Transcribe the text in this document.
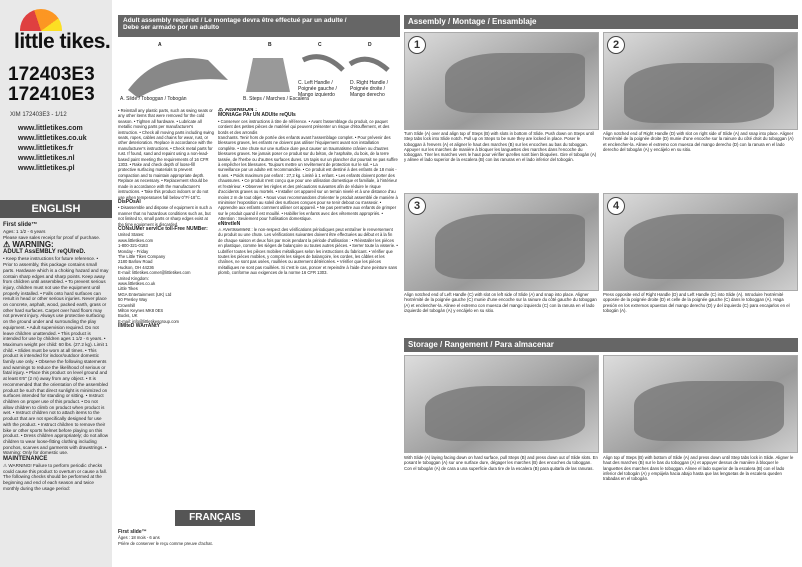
little tikes.
172403E3
172410E3
XIM 172403E3 - 1/12
www.littletikes.com
www.littletikes.co.uk
www.littletikes.fr
www.littletikes.nl
www.littletikes.pl
ENGLISH
First slide™
Ages: 1 1/2 - 6 years
Please save sales receipt for proof of purchase.
⚠ WARNING:
ADULT AssEMBLY reQUIreD.
• Keep these instructions for future reference. • Prior to assembly, this package contains small parts. Hardware which is a choking hazard and may contain sharp edges and sharp points. Keep away from children until assembled. • To prevent serious injury, children must not use the equipment until properly installed. • Falls onto hard surfaces can result in head or other serious injuries. Never place on concrete, asphalt, wood, packed earth, grass or other hard surfaces. Carpet over hard floors may not prevent injury. Always use protective surfacing on the ground under and surrounding the play equipment. • Adult supervision required. Do not leave children unattended. • This product is intended for use by children ages 1 1/2 - 6 years. • Maximum weight per child: 60 lbs. (27.2 kg). Limit 1 child. • Slides must be worn at all times. • This product is intended for indoor/outdoor domestic family use only. • Observe the following statements and warnings to reduce the likelihood of serious or fatal injury. • Place this product on level ground and at least 6'6" (2 m) away from any object. • It is recommended that the orientation of the assembled product be such that direct sunlight is minimized on surfaces intended for standing or sitting. • Instruct children on proper use of this product. • Do not allow children to climb on product when product is wet. • Instruct children not to attach items to the product that are not specifically designed for use with the product. • Instruct children to remove their bike or other sports helmet before playing on this product. • Dress children appropriately; do not allow children to wear loose-fitting clothing including ponchos, scarves and garments with drawstrings. • Warning: Only for domestic use.
MAINTENANCE
⚠ WARNING! Failure to perform periodic checks could cause this product to overturn or cause a fall. The following checks should be performed at the beginning and end of each season and twice monthly during the usage period:
Adult assembly required / Le montage devra être effectué par un adulte /
Debe ser armado por un adulto
A	B	C	D
A. Slide / Toboggan / Tobogán	B. Steps / Marches / Escalera
C. Left Handle / Poignée gauche / Mango izquierdo
D. Right Handle / Poignée droite / Mango derecho
• Reinstall any plastic parts, such as swing seats or any other items that were removed for the cold season. • Tighten all hardware. • Lubricate all metallic moving parts per manufacturer's instruction. • Check all moving parts including swing seats, ropes, cables and chains for wear, rust, or other deterioration. Replace in accordance with the manufacturer's instructions. • Check metal parts for rust. If found, sand and repaint using a non-lead-based paint meeting the requirements of 16 CFR 1303. • Rake and check depth of loose-fill protective surfacing materials to prevent compaction and to maintain appropriate depth. Replace as necessary. • Replacement should be made in accordance with the manufacturer's instructions. • Take this product indoors or do not use when temperatures fall below 0°F/-18°C.
DisPOsAl
• Disassemble and dispose of equipment in such a manner that no hazardous conditions such as, but not limited to, small parts or sharp edges exist at the time equipment is discarded.
CONsUMer servICe toll-Free NUMBer:
United States:
www.littletikes.com
1-800-321-0183
Monday - Friday
The Little Tikes Company
2180 Barlow Road
Hudson, OH 44236
E-mail: littletikes.comer@littletikes.com
United Kingdom:
www.littletikes.co.uk
Little Tikes
MGA Entertainment (UK) Ltd
50 Presley Way
Crownhill
Milton Keynes MK8 0ES
Bucks, UK
E-mail: info@littletikesgroup.com
lIMIteD WArrANtY
FRANÇAIS
First slide™
Âges : 18 mois - 6 ans
Prière de conserver le reçu comme preuve d'achat.
⚠ AtteNtION :
MONtAGe PAr UN ADUlte reQUIs
• Conserver ces instructions à titre de référence. • Avant l'assemblage du produit, ce paquet contient des petites pièces de matériel qui peuvent présenter un risque d'étouffement, et des bords et des arrondis
tranchants. Tenir hors de portée des enfants avant l'assemblage complet. • Pour prévenir des blessures graves, les enfants ne doivent pas utiliser l'équipement avant son installation complète. • Une chute sur une surface dure peut causer un traumatisme crânien ou d'autres blessures graves. Ne jamais poser ce produit sur du béton, de l'asphalte, du bois, de la terre tassée, de l'herbe ou d'autres surfaces dures. Un tapis sur un plancher dur pourrait ne pas suffire à empêcher les blessures. Toujours mettre un revêtement de protection sur le sol. • La surveillance par un adulte est recommandée. • Ce produit est destiné à des enfants de 18 mois - 6 ans. • Poids maximum par enfant : 27,2 kg. Limité à 1 enfant. • Les enfants doivent porter des chaussures. • Ce produit n'est conçu que pour une utilisation domestique et familiale, à l'intérieur et l'extérieur. • Observer les règles et des précautions suivantes afin de réduire le risque d'accidents graves ou mortels. • Installer cet appareil sur un terrain nivelé et à une distance d'au moins 2 m de tout objet. • Nous vous recommandons d'orienter le produit assemblé de manière à minimiser l'exposition au soleil des surfaces conçues pour se tenir debout ou s'asseoir. • Apprendre aux enfants comment utiliser cet appareil. • Ne pas permettre aux enfants de grimper sur le produit quand il est mouillé. • Habiller les enfants avec des vêtements appropriés. • Attention : Seulement pour l'utilisation domestique.
eNtretIeN
⚠ AVertIsseMeNt : le non-respect des vérifications périodiques peut entraîner le renversement du produit ou une chute. Les vérifications suivantes doivent être effectuées au début et à la fin de chaque saison et deux fois par mois pendant la période d'utilisation : • Réinstaller les pièces en plastique, comme les sièges de balançoire ou toutes autres pièces. • Serrer toute la visserie. • Lubrifier toutes les pièces mobiles métalliques selon les instructions du fabricant. • Vérifier que toutes les pièces mobiles, y compris les sièges de balançoire, les cordes, les câbles et les chaînes, ne sont pas usées, rouillées ou autrement détériorées. • Vérifier que les pièces métalliques ne sont pas rouillées. Si c'est le cas, poncer et repeindre à l'aide d'une peinture sans plomb, conforme aux exigences de la norme 16 CFR 1303.
Assembly / Montage / Ensamblaje
1
Turn Slide (A) over and align top of Steps (B) with slots in bottom of Slide. Push down on Steps until Step tabs lock into Slide notch. Pull up on Steps to be sure they are locked in place. Poser le toboggan à l'envers (A) et aligner le haut des marches (B) sur les encoches au bas du toboggan. Appuyer sur les marches de manière à bloquer les languettes des marches dans l'encoche du toboggan. Tirer les marches vers le haut pour vérifier qu'elles sont bien bloquées. Gire el tobogán (A) y alinee el lado superior de la escalera (B) con las ranuras en el lado inferior del tobogán.
2
Align notched end of Right Handle (D) with slot on right side of Slide (A) and snap into place. Aligner l'extrémité de la poignée droite (D) munie d'une encoche sur la rainure du côté droit du toboggan (A) et enclencher-la. Alinee el extremo con muesca del mango derecho (D) con la ranura en el lado derecho del tobogán (A) y encájelo en su sitio.
3
Align notched end of Left Handle (C) with slot on left side of Slide (A) and snap into place. Aligner l'extrémité de la poignée gauche (C) munie d'une encoche sur la rainure du côté gauche du toboggan (A) et enclencher-la. Alinee el extremo con muesca del mango izquierdo (C) con la ranura en el lado izquierdo del tobogán (A) y encájelo en su sitio.
4
Press opposite end of Right Handle (D) and Left Handle (C) into Slide (A). Introduire l'extrémité opposée de la poignée droite (D) et celle de la poignée gauche (C) dans le toboggan (A). Haga presión en los extremos opuestos del mango derecho (D) y del izquierdo (C) para encajarlos en el tobogán (A).
Storage / Rangement / Para almacenar
With Slide (A) laying facing down on hard surface, pull Steps (B) and press down out of Slide slots. En posant le toboggan (A) sur une surface dure, dégager les marches (B) des encoches du toboggan. Con el tobogán (A) de cara a una superficie dura tire de la escalera (B) para quitarla de las ranuras.
Align top of Steps (B) with bottom of Slide (A) and press down until Step tabs lock in Slide. Aligner le haut des marches (B) sur le bas du toboggan (A) et appuyer dessus de manière à bloquer le languettes des marches dans le toboggan. Alinee el lado superior de la escalera (B) con el lado inferior del tobogán (A) y empújela hacia abajo hasta que las lengüetas de la escalera queden trabadas en el tobogán.
